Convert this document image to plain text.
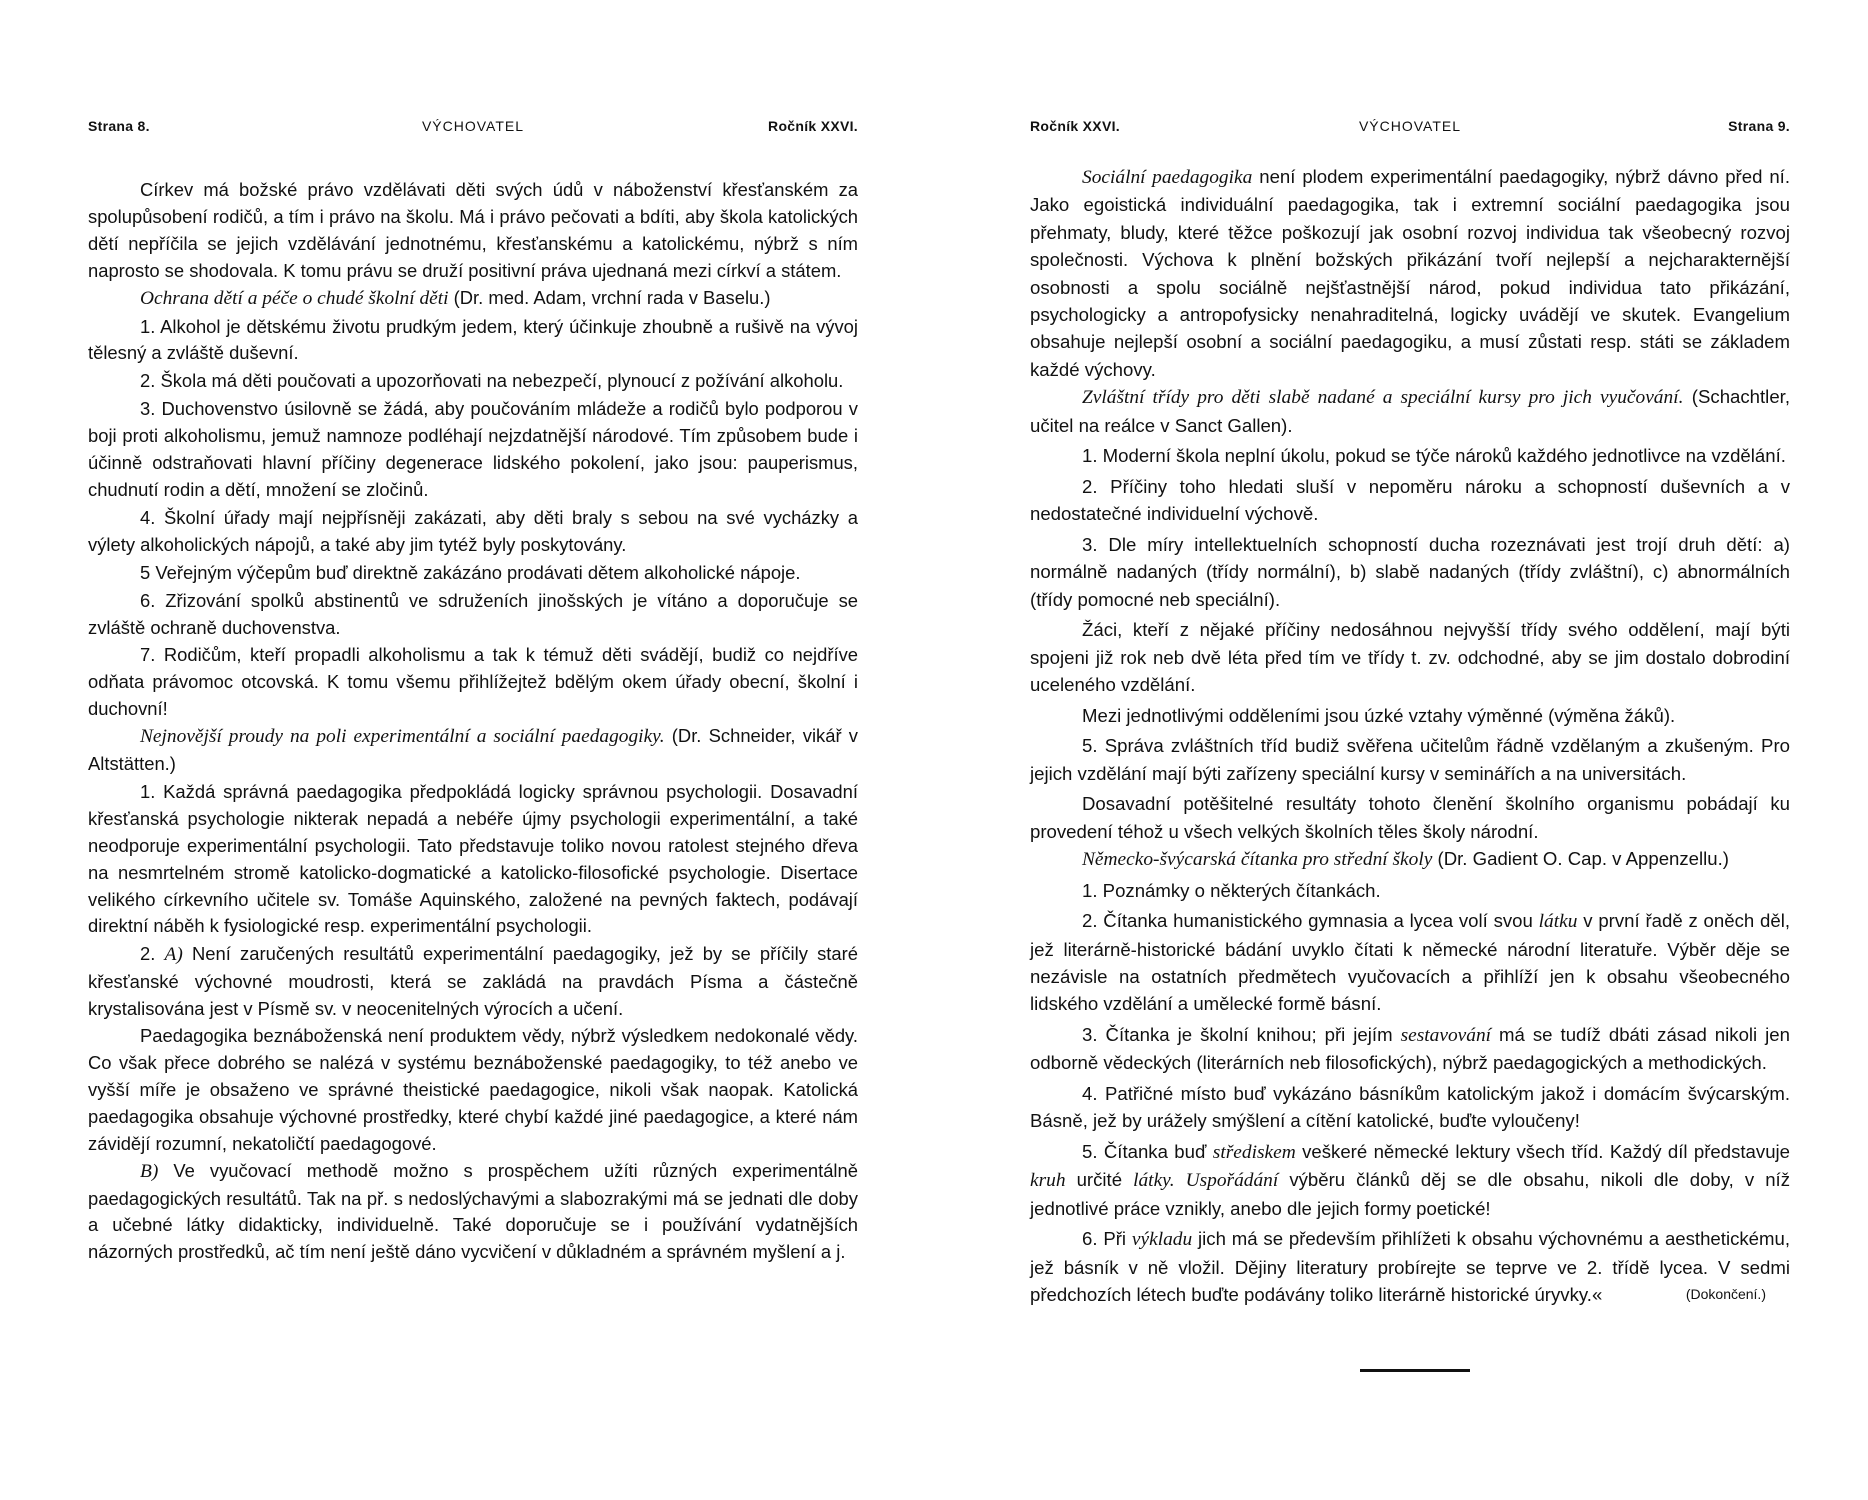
Strana 8.	VÝCHOVATEL	Ročník XXVI.

Církev má božské právo vzdělávati děti svých údů v náboženství křesťanském za spolupůsobení rodičů, a tím i právo na školu. Má i právo pečovati a bdíti, aby škola katolických dětí nepříčila se jejich vzdělávání jednotnému, křesťanskému a katolickému, nýbrž s ním naprosto se shodovala. K tomu právu se druží positivní práva ujednaná mezi církví a státem.

Ochrana dětí a péče o chudé školní děti (Dr. med. Adam, vrchní rada v Baselu.)

1. Alkohol je dětskému životu prudkým jedem, který účinkuje zhoubně a rušivě na vývoj tělesný a zvláště duševní.

2. Škola má děti poučovati a upozorňovati na nebezpečí, plynoucí z požívání alkoholu.

3. Duchovenstvo úsilovně se žádá, aby poučováním mládeže a rodičů bylo podporou v boji proti alkoholismu, jemuž namnoze podléhají nejzdatnější národové. Tím způsobem bude i účinně odstraňovati hlavní příčiny degenerace lidského pokolení, jako jsou: pauperismus, chudnutí rodin a dětí, množení se zločinů.

4. Školní úřady mají nejpřísněji zakázati, aby děti braly s sebou na své vycházky a výlety alkoholických nápojů, a také aby jim tytéž byly poskytovány.

5 Veřejným výčepům buď direktně zakázáno prodávati dětem alkoholické nápoje.

6. Zřizování spolků abstinentů ve sdruženích jinošských je vítáno a doporučuje se zvláště ochraně duchovenstva.

7. Rodičům, kteří propadli alkoholismu a tak k témuž děti svádějí, budiž co nejdříve odňata právomoc otcovská. K tomu všemu přihlížejtež bdělým okem úřady obecní, školní i duchovní!

Nejnovější proudy na poli experimentální a sociální paedagogiky. (Dr. Schneider, vikář v Altstätten.)

1. Každá správná paedagogika předpokládá logicky správnou psychologii. Dosavadní křesťanská psychologie nikterak nepadá a nebéře újmy psychologii experimentální, a také neodporuje experimentální psychologii. Tato představuje toliko novou ratolest stejného dřeva na nesmrtelném stromě katolicko-dogmatické a katolicko-filosofické psychologie. Disertace velikého církevního učitele sv. Tomáše Aquinského, založené na pevných faktech, podávají direktní náběh k fysiologické resp. experimentální psychologii.

2. A) Není zaručených resultátů experimentální paedagogiky, jež by se příčily staré křesťanské výchovné moudrosti, která se zakládá na pravdách Písma a částečně krystalisována jest v Písmě sv. v neocenitelných výrocích a učení.

Paedagogika beznáboženská není produktem vědy, nýbrž výsledkem nedokonalé vědy. Co však přece dobrého se nalézá v systému beznáboženské paedagogiky, to též anebo ve vyšší míře je obsaženo ve správné theistické paedagogice, nikoli však naopak. Katolická paedagogika obsahuje výchovné prostředky, které chybí každé jiné paedagogice, a které nám závidějí rozumní, nekatoličtí paedagogové.

B) Ve vyučovací methodě možno s prospěchem užíti různých experimentálně paedagogických resultátů. Tak na př. s nedoslýchavými a slabozrakými má se jednati dle doby a učebné látky didakticky, individuelně. Také doporučuje se i používání vydatnějších názorných prostředků, ač tím není ještě dáno vycvičení v důkladném a správném myšlení a j.

Ročník XXVI.	VÝCHOVATEL	Strana 9.

Sociální paedagogika není plodem experimentální paedagogiky, nýbrž dávno před ní. Jako egoistická individuální paedagogika, tak i extremní sociální paedagogika jsou přehmaty, bludy, které těžce poškozují jak osobní rozvoj individua tak všeobecný rozvoj společnosti. Výchova k plnění božských přikázání tvoří nejlepší a nejcharakternější osobnosti a spolu sociálně nejšťastnější národ, pokud individua tato přikázání, psychologicky a antropofysicky nenahraditelná, logicky uvádějí ve skutek. Evangelium obsahuje nejlepší osobní a sociální paedagogiku, a musí zůstati resp. státi se základem každé výchovy.

Zvláštní třídy pro děti slabě nadané a speciální kursy pro jich vyučování. (Schachtler, učitel na reálce v Sanct Gallen).

1. Moderní škola neplní úkolu, pokud se týče nároků každého jednotlivce na vzdělání.

2. Příčiny toho hledati sluší v nepoměru nároku a schopností duševních a v nedostatečné individuelní výchově.

3. Dle míry intellektuelních schopností ducha rozeznávati jest trojí druh dětí: a) normálně nadaných (třídy normální), b) slabě nadaných (třídy zvláštní), c) abnormálních (třídy pomocné neb speciální).

Žáci, kteří z nějaké příčiny nedosáhnou nejvyšší třídy svého oddělení, mají býti spojeni již rok neb dvě léta před tím ve třídy t. zv. odchodné, aby se jim dostalo dobrodiní uceleného vzdělání.

Mezi jednotlivými odděleními jsou úzké vztahy výměnné (výměna žáků).

5. Správa zvláštních tříd budiž svěřena učitelům řádně vzdělaným a zkušeným. Pro jejich vzdělání mají býti zařízeny speciální kursy v seminářích a na universitách.

Dosavadní potěšitelné resultáty tohoto členění školního organismu pobádají ku provedení téhož u všech velkých školních těles školy národní.

Německo-švýcarská čítanka pro střední školy (Dr. Gadient O. Cap. v Appenzellu.)

1. Poznámky o některých čítankách.

2. Čítanka humanistického gymnasia a lycea volí svou látku v první řadě z oněch děl, jež literárně-historické bádání uvyklo čítati k německé národní literatuře. Výběr děje se nezávisle na ostatních předmětech vyučovacích a přihlíží jen k obsahu všeobecného lidského vzdělání a umělecké formě básní.

3. Čítanka je školní knihou; při jejím sestavování má se tudíž dbáti zásad nikoli jen odborně vědeckých (literárních neb filosofických), nýbrž paedagogických a methodických.

4. Patřičné místo buď vykázáno básníkům katolickým jakož i domácím švýcarským. Básně, jež by urážely smýšlení a cítění katolické, buďte vyloučeny!

5. Čítanka buď střediskem veškeré německé lektury všech tříd. Každý díl představuje kruh určité látky. Uspořádání výběru článků děj se dle obsahu, nikoli dle doby, v níž jednotlivé práce vznikly, anebo dle jejich formy poetické!

6. Při výkladu jich má se především přihlížeti k obsahu výchovnému a aesthetickému, jež básník v ně vložil. Dějiny literatury probírejte se teprve ve 2. třídě lycea. V sedmi předchozích létech buďte podávány toliko literárně historické úryvky.«	(Dokončení.)
